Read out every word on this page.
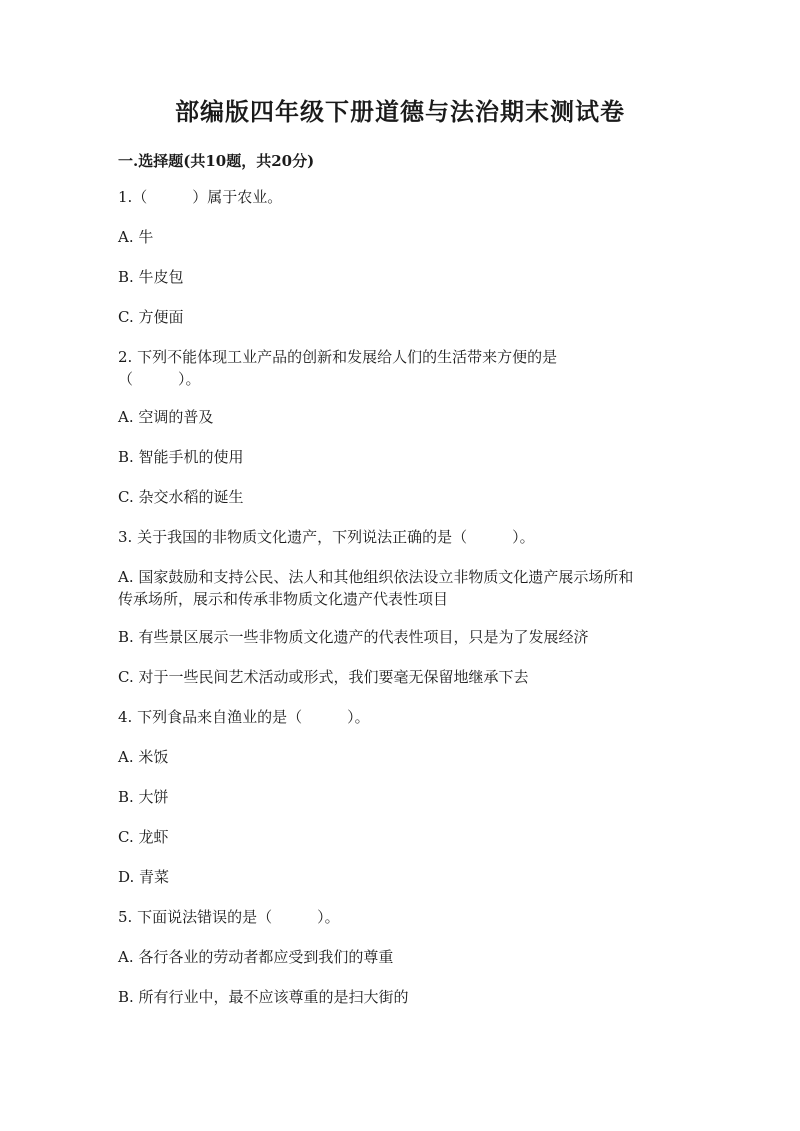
部编版四年级下册道德与法治期末测试卷
一.选择题(共10题，共20分)

1.（　　　）属于农业。

A. 牛

B. 牛皮包

C. 方便面

2. 下列不能体现工业产品的创新和发展给人们的生活带来方便的是

（　　　）。

A. 空调的普及

B. 智能手机的使用

C. 杂交水稻的诞生

3. 关于我国的非物质文化遗产，下列说法正确的是（　　　）。

A. 国家鼓励和支持公民、法人和其他组织依法设立非物质文化遗产展示场所和

传承场所，展示和传承非物质文化遗产代表性项目

B. 有些景区展示一些非物质文化遗产的代表性项目，只是为了发展经济

C. 对于一些民间艺术活动或形式，我们要毫无保留地继承下去

4. 下列食品来自渔业的是（　　　）。

A. 米饭

B. 大饼

C. 龙虾

D. 青菜

5. 下面说法错误的是（　　　）。

A. 各行各业的劳动者都应受到我们的尊重

B. 所有行业中，最不应该尊重的是扫大街的
